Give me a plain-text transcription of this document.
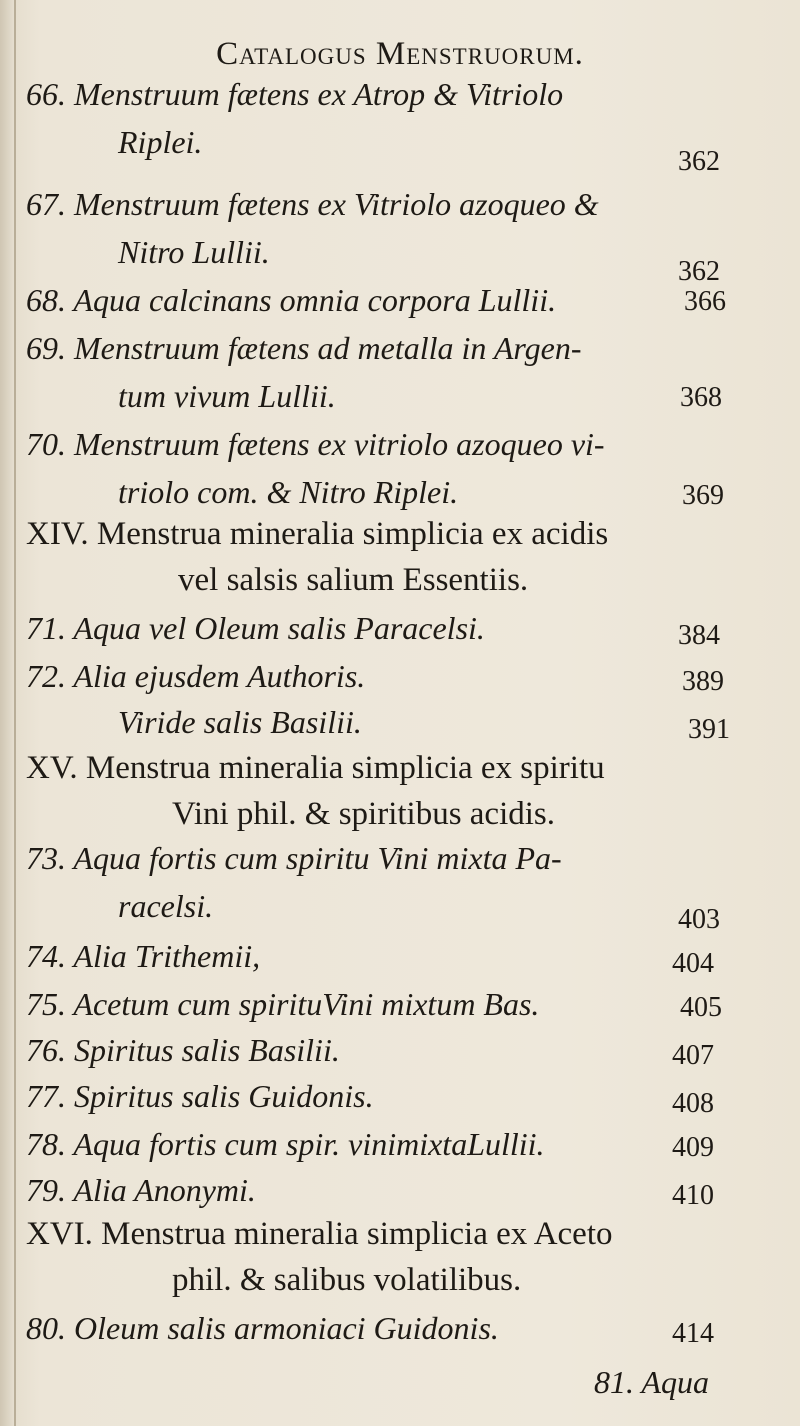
Catalogus Menstruorum.
66. Menstruum fætens ex Atrop & Vitriolo
Riplei.
362
67. Menstruum fætens ex Vitriolo azoqueo &
Nitro Lullii.
362
68. Aqua calcinans omnia corpora Lullii.	366
69. Menstruum fætens ad metalla in Argen-
tum vivum Lullii.	368
70. Menstruum fætens ex vitriolo azoqueo vi-
triolo com. & Nitro Riplei.	369
XIV. Menstrua mineralia simplicia ex acidis
vel salsis salium Essentiis.
71. Aqua vel Oleum salis Paracelsi.	384
72. Alia ejusdem Authoris.	389
Viride salis Basilii.	391
XV. Menstrua mineralia simplicia ex spiritu
Vini phil. & spiritibus acidis.
73. Aqua fortis cum spiritu Vini mixta Pa-
racelsi.	403
74. Alia Trithemii,	404
75. Acetum cum spirituVini mixtum Bas.	405
76. Spiritus salis Basilii.	407
77. Spiritus salis Guidonis.	408
78. Aqua fortis cum spir. vinimixtaLullii.	409
79. Alia Anonymi.	410
XVI. Menstrua mineralia simplicia ex Aceto
phil. & salibus volatilibus.
80. Oleum salis armoniaci Guidonis.	414
81. Aqua
